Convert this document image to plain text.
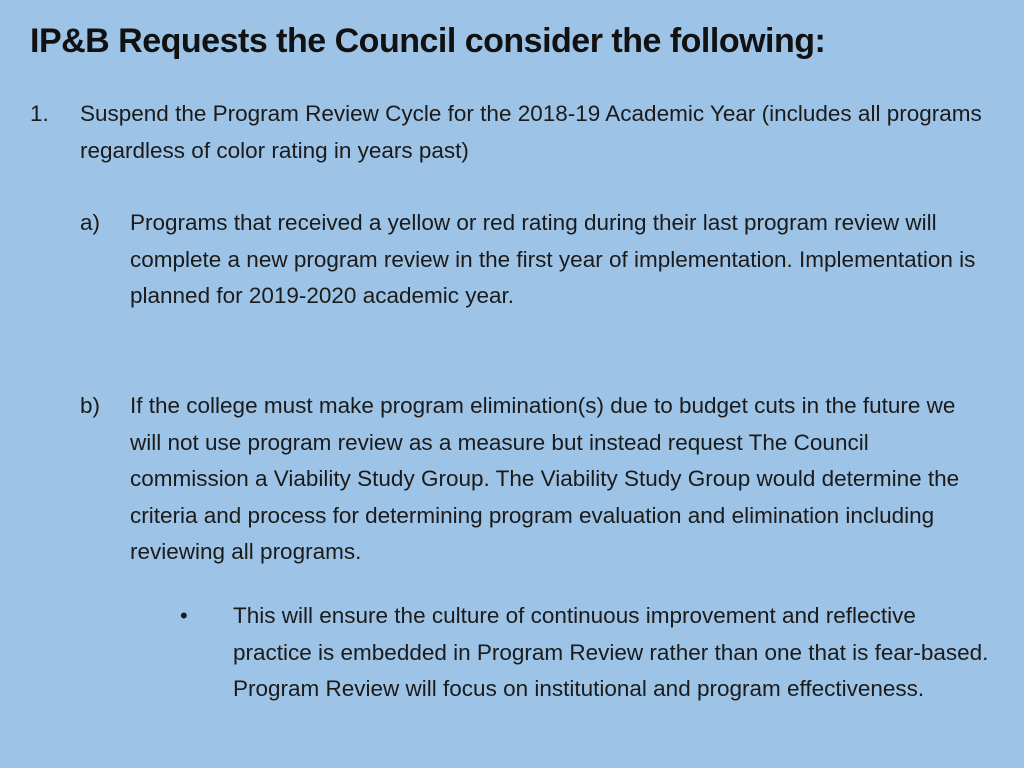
IP&B Requests the Council consider the following:
1. Suspend the Program Review Cycle for the 2018-19 Academic Year (includes all programs regardless of color rating in years past)
a) Programs that received a yellow or red rating during their last program review will complete a new program review in the first year of implementation. Implementation is planned for 2019-2020 academic year.
b) If the college must make program elimination(s) due to budget cuts in the future we will not use program review as a measure but instead request The Council commission a Viability Study Group. The Viability Study Group would determine the criteria and process for determining program evaluation and elimination including reviewing all programs.
• This will ensure the culture of continuous improvement and reflective practice is embedded in Program Review rather than one that is fear-based. Program Review will focus on institutional and program effectiveness.
